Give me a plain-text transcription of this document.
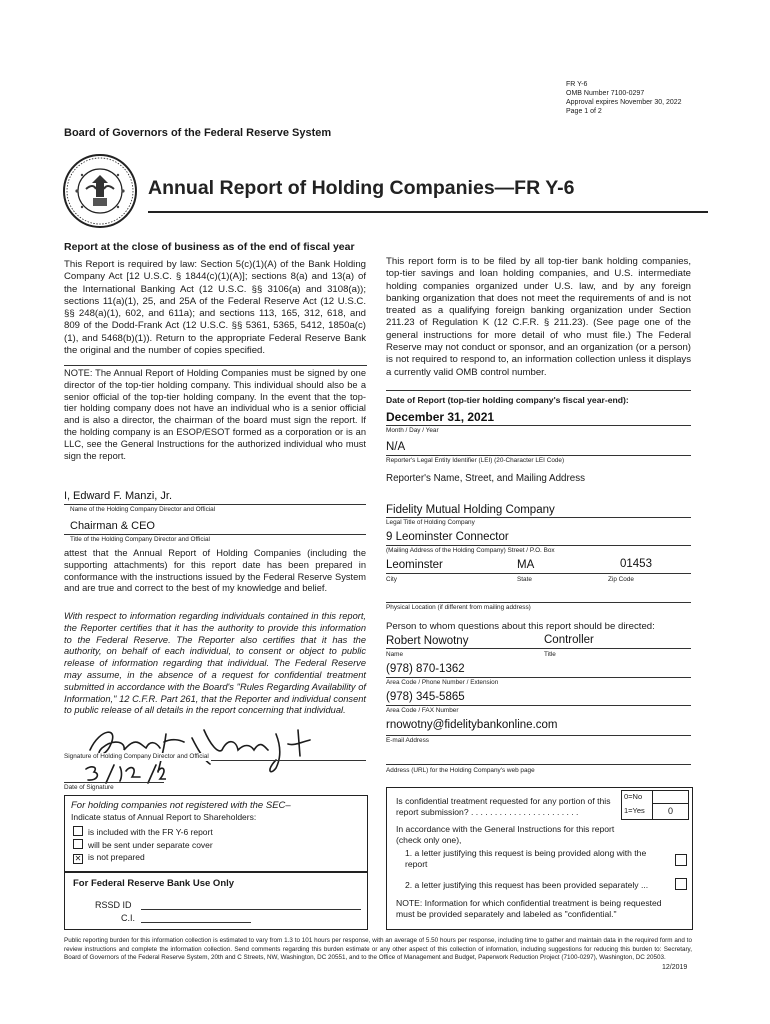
FR Y-6
OMB Number 7100-0297
Approval expires November 30, 2022
Page 1 of 2
Board of Governors of the Federal Reserve System
Annual Report of Holding Companies—FR Y-6
Report at the close of business as of the end of fiscal year
This Report is required by law: Section 5(c)(1)(A) of the Bank Holding Company Act [12 U.S.C. § 1844(c)(1)(A)]; sections 8(a) and 13(a) of the International Banking Act (12 U.S.C. §§ 3106(a) and 3108(a)); sections 11(a)(1), 25, and 25A of the Federal Reserve Act (12 U.S.C. §§ 248(a)(1), 602, and 611a); and sections 113, 165, 312, 618, and 809 of the Dodd-Frank Act (12 U.S.C. §§ 5361, 5365, 5412, 1850a(c)(1), and 5468(b)(1)). Return to the appropriate Federal Reserve Bank the original and the number of copies specified.
This report form is to be filed by all top-tier bank holding companies, top-tier savings and loan holding companies, and U.S. intermediate holding companies organized under U.S. law, and by any foreign banking organization that does not meet the requirements of and is not treated as a qualifying foreign banking organization under Section 211.23 of Regulation K (12 C.F.R. § 211.23). (See page one of the general instructions for more detail of who must file.) The Federal Reserve may not conduct or sponsor, and an organization (or a person) is not required to respond to, an information collection unless it displays a currently valid OMB control number.
NOTE: The Annual Report of Holding Companies must be signed by one director of the top-tier holding company. This individual should also be a senior official of the top-tier holding company. In the event that the top-tier holding company does not have an individual who is a senior official and is also a director, the chairman of the board must sign the report. If the holding company is an ESOP/ESOT formed as a corporation or is an LLC, see the General Instructions for the authorized individual who must sign the report.
I, Edward F. Manzi, Jr.
Name of the Holding Company Director and Official
Chairman & CEO
Title of the Holding Company Director and Official
attest that the Annual Report of Holding Companies (including the supporting attachments) for this report date has been prepared in conformance with the instructions issued by the Federal Reserve System and are true and correct to the best of my knowledge and belief.
With respect to information regarding individuals contained in this report, the Reporter certifies that it has the authority to provide this information to the Federal Reserve. The Reporter also certifies that it has the authority, on behalf of each individual, to consent or object to public release of information regarding that individual. The Federal Reserve may assume, in the absence of a request for confidential treatment submitted in accordance with the Board's "Rules Regarding Availability of Information," 12 C.F.R. Part 261, that the Reporter and individual consent to public release of all details in the report concerning that individual.
Signature of Holding Company Director and Official
Date of Signature
For holding companies not registered with the SEC–
Indicate status of Annual Report to Shareholders:
is included with the FR Y-6 report
will be sent under separate cover
✕ is not prepared
For Federal Reserve Bank Use Only
RSSD ID
C.I.
Date of Report (top-tier holding company's fiscal year-end):
December 31, 2021
Month / Day / Year
N/A
Reporter's Legal Entity Identifier (LEI) (20-Character LEI Code)
Reporter's Name, Street, and Mailing Address
Fidelity Mutual Holding Company
Legal Title of Holding Company
9 Leominster Connector
(Mailing Address of the Holding Company) Street / P.O. Box
Leominster	MA	01453
City	State	Zip Code
Physical Location (if different from mailing address)
Person to whom questions about this report should be directed:
Robert Nowotny	Controller
Name	Title
(978) 870-1362
Area Code / Phone Number / Extension
(978) 345-5865
Area Code / FAX Number
rnowotny@fidelitybankonline.com
E-mail Address
Address (URL) for the Holding Company's web page
Is confidential treatment requested for any portion of this report submission? . . . . . . . . . . . . . . . . . . . . . . .
0=No
1=Yes	0
In accordance with the General Instructions for this report (check only one),
1. a letter justifying this request is being provided along with the report
2. a letter justifying this request has been provided separately ...
NOTE: Information for which confidential treatment is being requested must be provided separately and labeled as "confidential."
Public reporting burden for this information collection is estimated to vary from 1.3 to 101 hours per response, with an average of 5.50 hours per response, including time to gather and maintain data in the required form and to review instructions and complete the information collection. Send comments regarding this burden estimate or any other aspect of this collection of information, including suggestions for reducing this burden to: Secretary, Board of Governors of the Federal Reserve System, 20th and C Streets, NW, Washington, DC 20551, and to the Office of Management and Budget, Paperwork Reduction Project (7100-0297), Washington, DC 20503.
12/2019
